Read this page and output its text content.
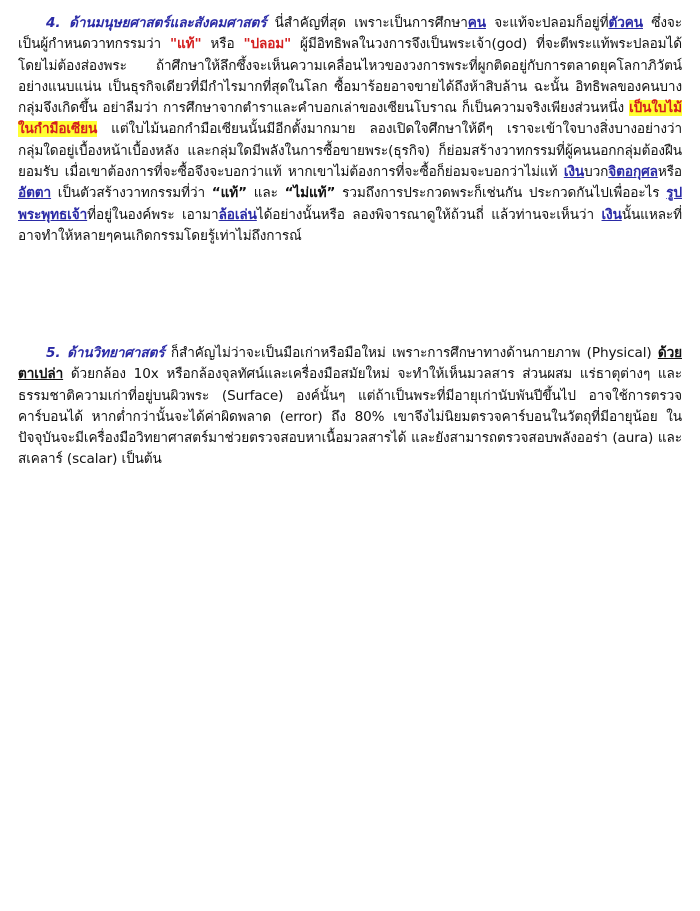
4. ด้านมนุษยศาสตร์และสังคมศาสตร์ นี่สำคัญที่สุด เพราะเป็นการศึกษาคน จะแท้จะปลอมก็อยู่ที่ตัวคน ซึ่งจะเป็นผู้กำหนดวาทกรรมว่า "แท้" หรือ "ปลอม" ผู้มีอิทธิพลในวงการจึงเป็นพระเจ้า(god) ที่จะตีพระแท้พระปลอมได้โดยไม่ต้องส่องพระ ถ้าศึกษาให้ลึกซึ้งจะเห็นความเคลื่อนไหวของวงการพระที่ผูกติดอยู่กับการตลาดยุคโลกาภิวัตน์อย่างแนบแน่น เป็นธุรกิจเดียวที่มีกำไรมากที่สุดในโลก ซื้อมาร้อยอาจขายได้ถึงห้าสิบล้าน ฉะนั้น อิทธิพลของคนบางกลุ่มจึงเกิดขึ้น อย่าลืมว่า การศึกษาจากตำราและคำบอกเล่าของเซียนโบราณ ก็เป็นความจริงเพียงส่วนหนึ่ง เป็นใบไม้ในกำมือเซียน แต่ใบไม้นอกกำมือเซียนนั้นมีอีกตั้งมากมาย ลองเปิดใจศึกษาให้ดีๆ เราจะเข้าใจบางสิ่งบางอย่างว่า กลุ่มใดอยู่เบื้องหน้าเบื้องหลัง และกลุ่มใดมีพลังในการซื้อขายพระ(ธุรกิจ) ก็ย่อมสร้างวาทกรรมที่ผู้คนนอกกลุ่มต้องฝืนยอมรับ เมื่อเขาต้องการที่จะซื้อจึงจะบอกว่าแท้ หากเขาไม่ต้องการที่จะซื้อก็ย่อมจะบอกว่าไม่แท้ เงินบวกจิตอกุศลหรืออัตตา เป็นตัวสร้างวาทกรรมที่ว่า “แท้” และ “ไม่แท้” รวมถึงการประกวดพระก็เช่นกัน ประกวดกันไปเพื่ออะไร รูปพระพุทธเจ้าที่อยู่ในองค์พระ เอามาล้อเล่นได้อย่างนั้นหรือ ลองพิจารณาดูให้ถ้วนถี่ แล้วท่านจะเห็นว่า เงินนั้นแหละที่อาจทำให้หลายๆคนเกิดกรรมโดยรู้เท่าไม่ถึงการณ์
5. ด้านวิทยาศาสตร์ ก็สำคัญไม่ว่าจะเป็นมือเก่าหรือมือใหม่ เพราะการศึกษาทางด้านกายภาพ (Physical) ด้วยตาเปล่า ด้วยกล้อง 10x หรือกล้องจุลทัศน์และเครื่องมือสมัยใหม่ จะทำให้เห็นมวลสาร ส่วนผสม แร่ธาตุต่างๆ และธรรมชาติความเก่าที่อยู่บนผิวพระ (Surface) องค์นั้นๆ แต่ถ้าเป็นพระที่มีอายุเก่านับพันปีขึ้นไป อาจใช้การตรวจคาร์บอนได้ หากต่ำกว่านั้นจะได้ค่าผิดพลาด (error) ถึง 80% เขาจึงไม่นิยมตรวจคาร์บอนในวัตถุที่มีอายุน้อย ในปัจจุบันจะมีเครื่องมือวิทยาศาสตร์มาช่วยตรวจสอบหาเนื้อมวลสารได้ และยังสามารถตรวจสอบพลังออร่า (aura) และสเคลาร์ (scalar) เป็นต้น
